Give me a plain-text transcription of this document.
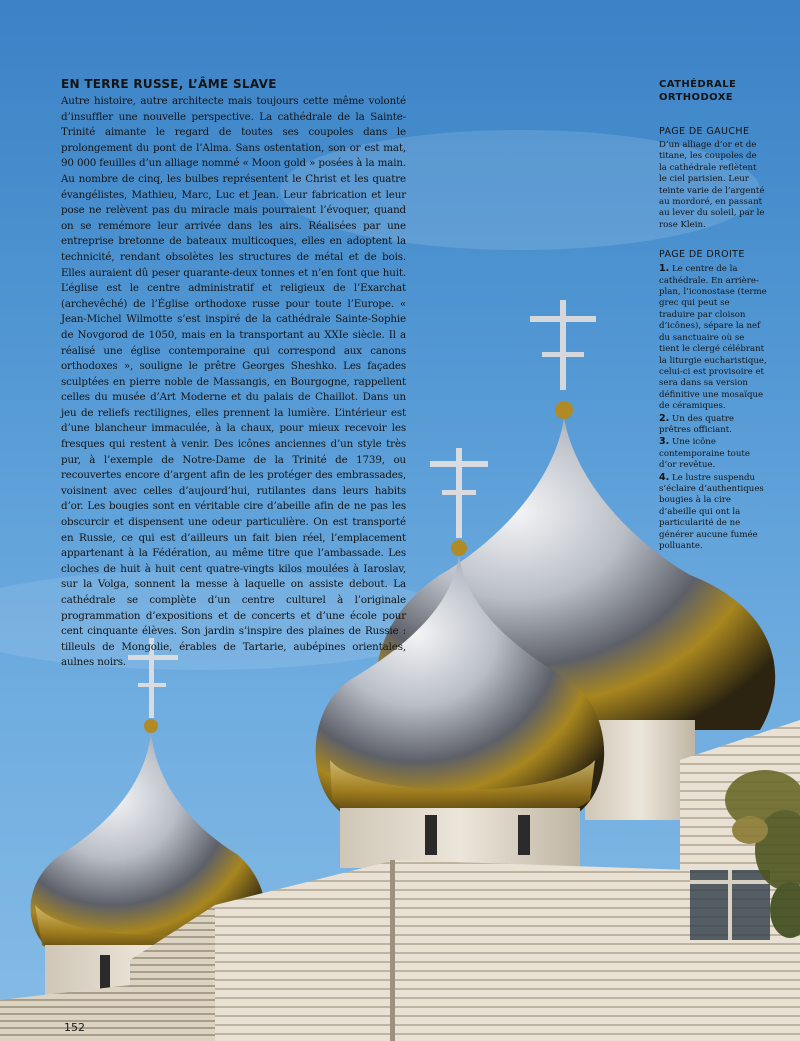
EN TERRE RUSSE, L’ÂME SLAVE

Autre histoire, autre architecte mais toujours cette même volonté d’insuffler une nouvelle perspective. La cathédrale de la Sainte-Trinité aimante le regard de toutes ses coupoles dans le prolongement du pont de l’Alma. Sans ostentation, son or est mat, 90 000 feuilles d’un alliage nommé « Moon gold » posées à la main. Au nombre de cinq, les bulbes représentent le Christ et les quatre évangélistes, Mathieu, Marc, Luc et Jean. Leur fabrication et leur pose ne relèvent pas du miracle mais pourraient l’évoquer, quand on se remémore leur arrivée dans les airs. Réalisées par une entreprise bretonne de bateaux multicoques, elles en adoptent la technicité, rendant obsolètes les structures de métal et de bois. Elles auraient dû peser quarante-deux tonnes et n’en font que huit. L’église est le centre administratif et religieux de l’Exarchat (archevêché) de l’Église orthodoxe russe pour toute l’Europe. « Jean-Michel Wilmotte s’est inspiré de la cathédrale Sainte-Sophie de Novgorod de 1050, mais en la transportant au XXIe siècle. Il a réalisé une église contemporaine qui correspond aux canons orthodoxes », souligne le prêtre Georges Sheshko. Les façades sculptées en pierre noble de Massangis, en Bourgogne, rappellent celles du musée d’Art Moderne et du palais de Chaillot. Dans un jeu de reliefs rectilignes, elles prennent la lumière. L’intérieur est d’une blancheur immaculée, à la chaux, pour mieux recevoir les fresques qui restent à venir. Des icônes anciennes d’un style très pur, à l’exemple de Notre-Dame de la Trinité de 1739, ou recouvertes encore d’argent afin de les protéger des embrassades, voisinent avec celles d’aujourd’hui, rutilantes dans leurs habits d’or. Les bougies sont en véritable cire d’abeille afin de ne pas les obscurcir et dispensent une odeur particulière. On est transporté en Russie, ce qui est d’ailleurs un fait bien réel, l’emplacement appartenant à la Fédération, au même titre que l’ambassade. Les cloches de huit à huit cent quatre-vingts kilos moulées à Iaroslav, sur la Volga, sonnent la messe à laquelle on assiste debout. La cathédrale se complète d’un centre culturel à l’originale programmation d’expositions et de concerts et d’une école pour cent cinquante élèves. Son jardin s’inspire des plaines de Russie : tilleuls de Mongolie, érables de Tartarie, aubépines orientales, aulnes noirs.

CATHÉDRALE ORTHODOXE
PAGE DE GAUCHE

D’un alliage d’or et de titane, les coupoles de la cathédrale reflètent le ciel parisien. Leur teinte varie de l’argenté au mordoré, en passant au lever du soleil, par le rose Klein.

PAGE DE DROITE

1. Le centre de la cathédrale. En arrière-plan, l’iconostase (terme grec qui peut se traduire par cloison d’icônes), sépare la nef du sanctuaire où se tient le clergé célébrant la liturgie eucharistique, celui-ci est provisoire et sera dans sa version définitive une mosaïque de céramiques.

2. Un des quatre prêtres officiant.

3. Une icône contemporaine toute d’or revêtue.

4. Le lustre suspendu s’éclaire d’authentiques bougies à la cire d’abeille qui ont la particularité de ne générer aucune fumée polluante.

152
